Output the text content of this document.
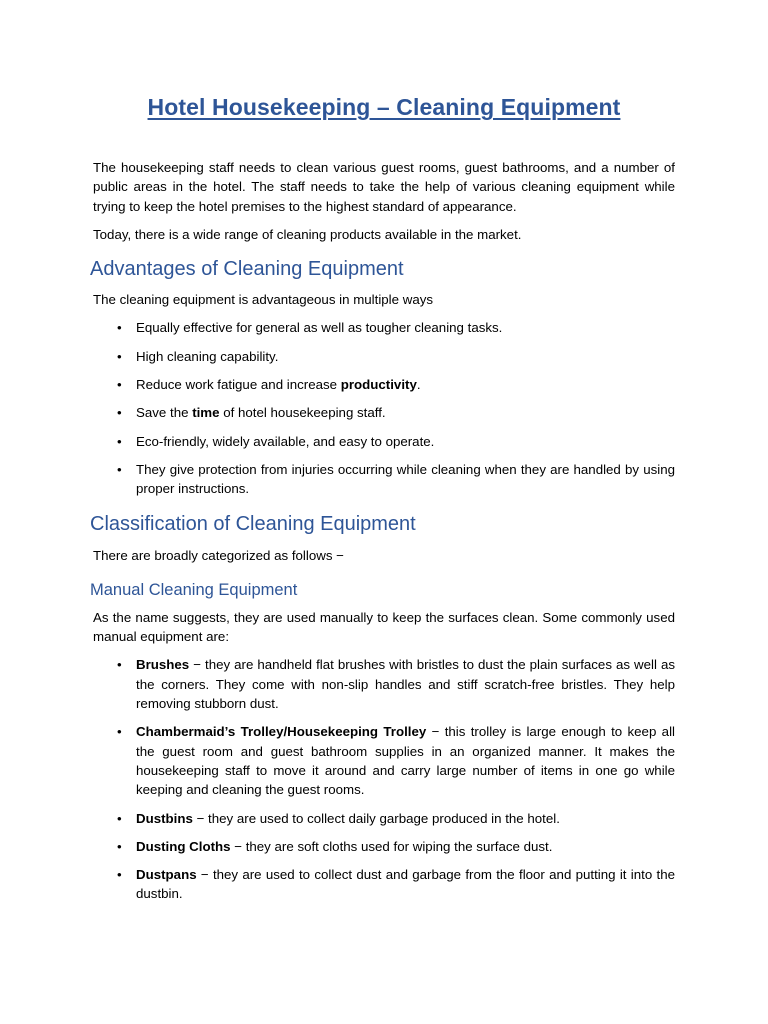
Hotel Housekeeping – Cleaning Equipment

The housekeeping staff needs to clean various guest rooms, guest bathrooms, and a number of public areas in the hotel. The staff needs to take the help of various cleaning equipment while trying to keep the hotel premises to the highest standard of appearance.

Today, there is a wide range of cleaning products available in the market.

Advantages of Cleaning Equipment

The cleaning equipment is advantageous in multiple ways

• Equally effective for general as well as tougher cleaning tasks.
• High cleaning capability.
• Reduce work fatigue and increase productivity.
• Save the time of hotel housekeeping staff.
• Eco-friendly, widely available, and easy to operate.
• They give protection from injuries occurring while cleaning when they are handled by using proper instructions.
Classification of Cleaning Equipment

There are broadly categorized as follows −

Manual Cleaning Equipment

As the name suggests, they are used manually to keep the surfaces clean. Some commonly used manual equipment are:

• Brushes − they are handheld flat brushes with bristles to dust the plain surfaces as well as the corners. They come with non-slip handles and stiff scratch-free bristles. They help removing stubborn dust.
• Chambermaid’s Trolley/Housekeeping Trolley − this trolley is large enough to keep all the guest room and guest bathroom supplies in an organized manner. It makes the housekeeping staff to move it around and carry large number of items in one go while keeping and cleaning the guest rooms.
• Dustbins − they are used to collect daily garbage produced in the hotel.
• Dusting Cloths − they are soft cloths used for wiping the surface dust.
• Dustpans − they are used to collect dust and garbage from the floor and putting it into the dustbin.
